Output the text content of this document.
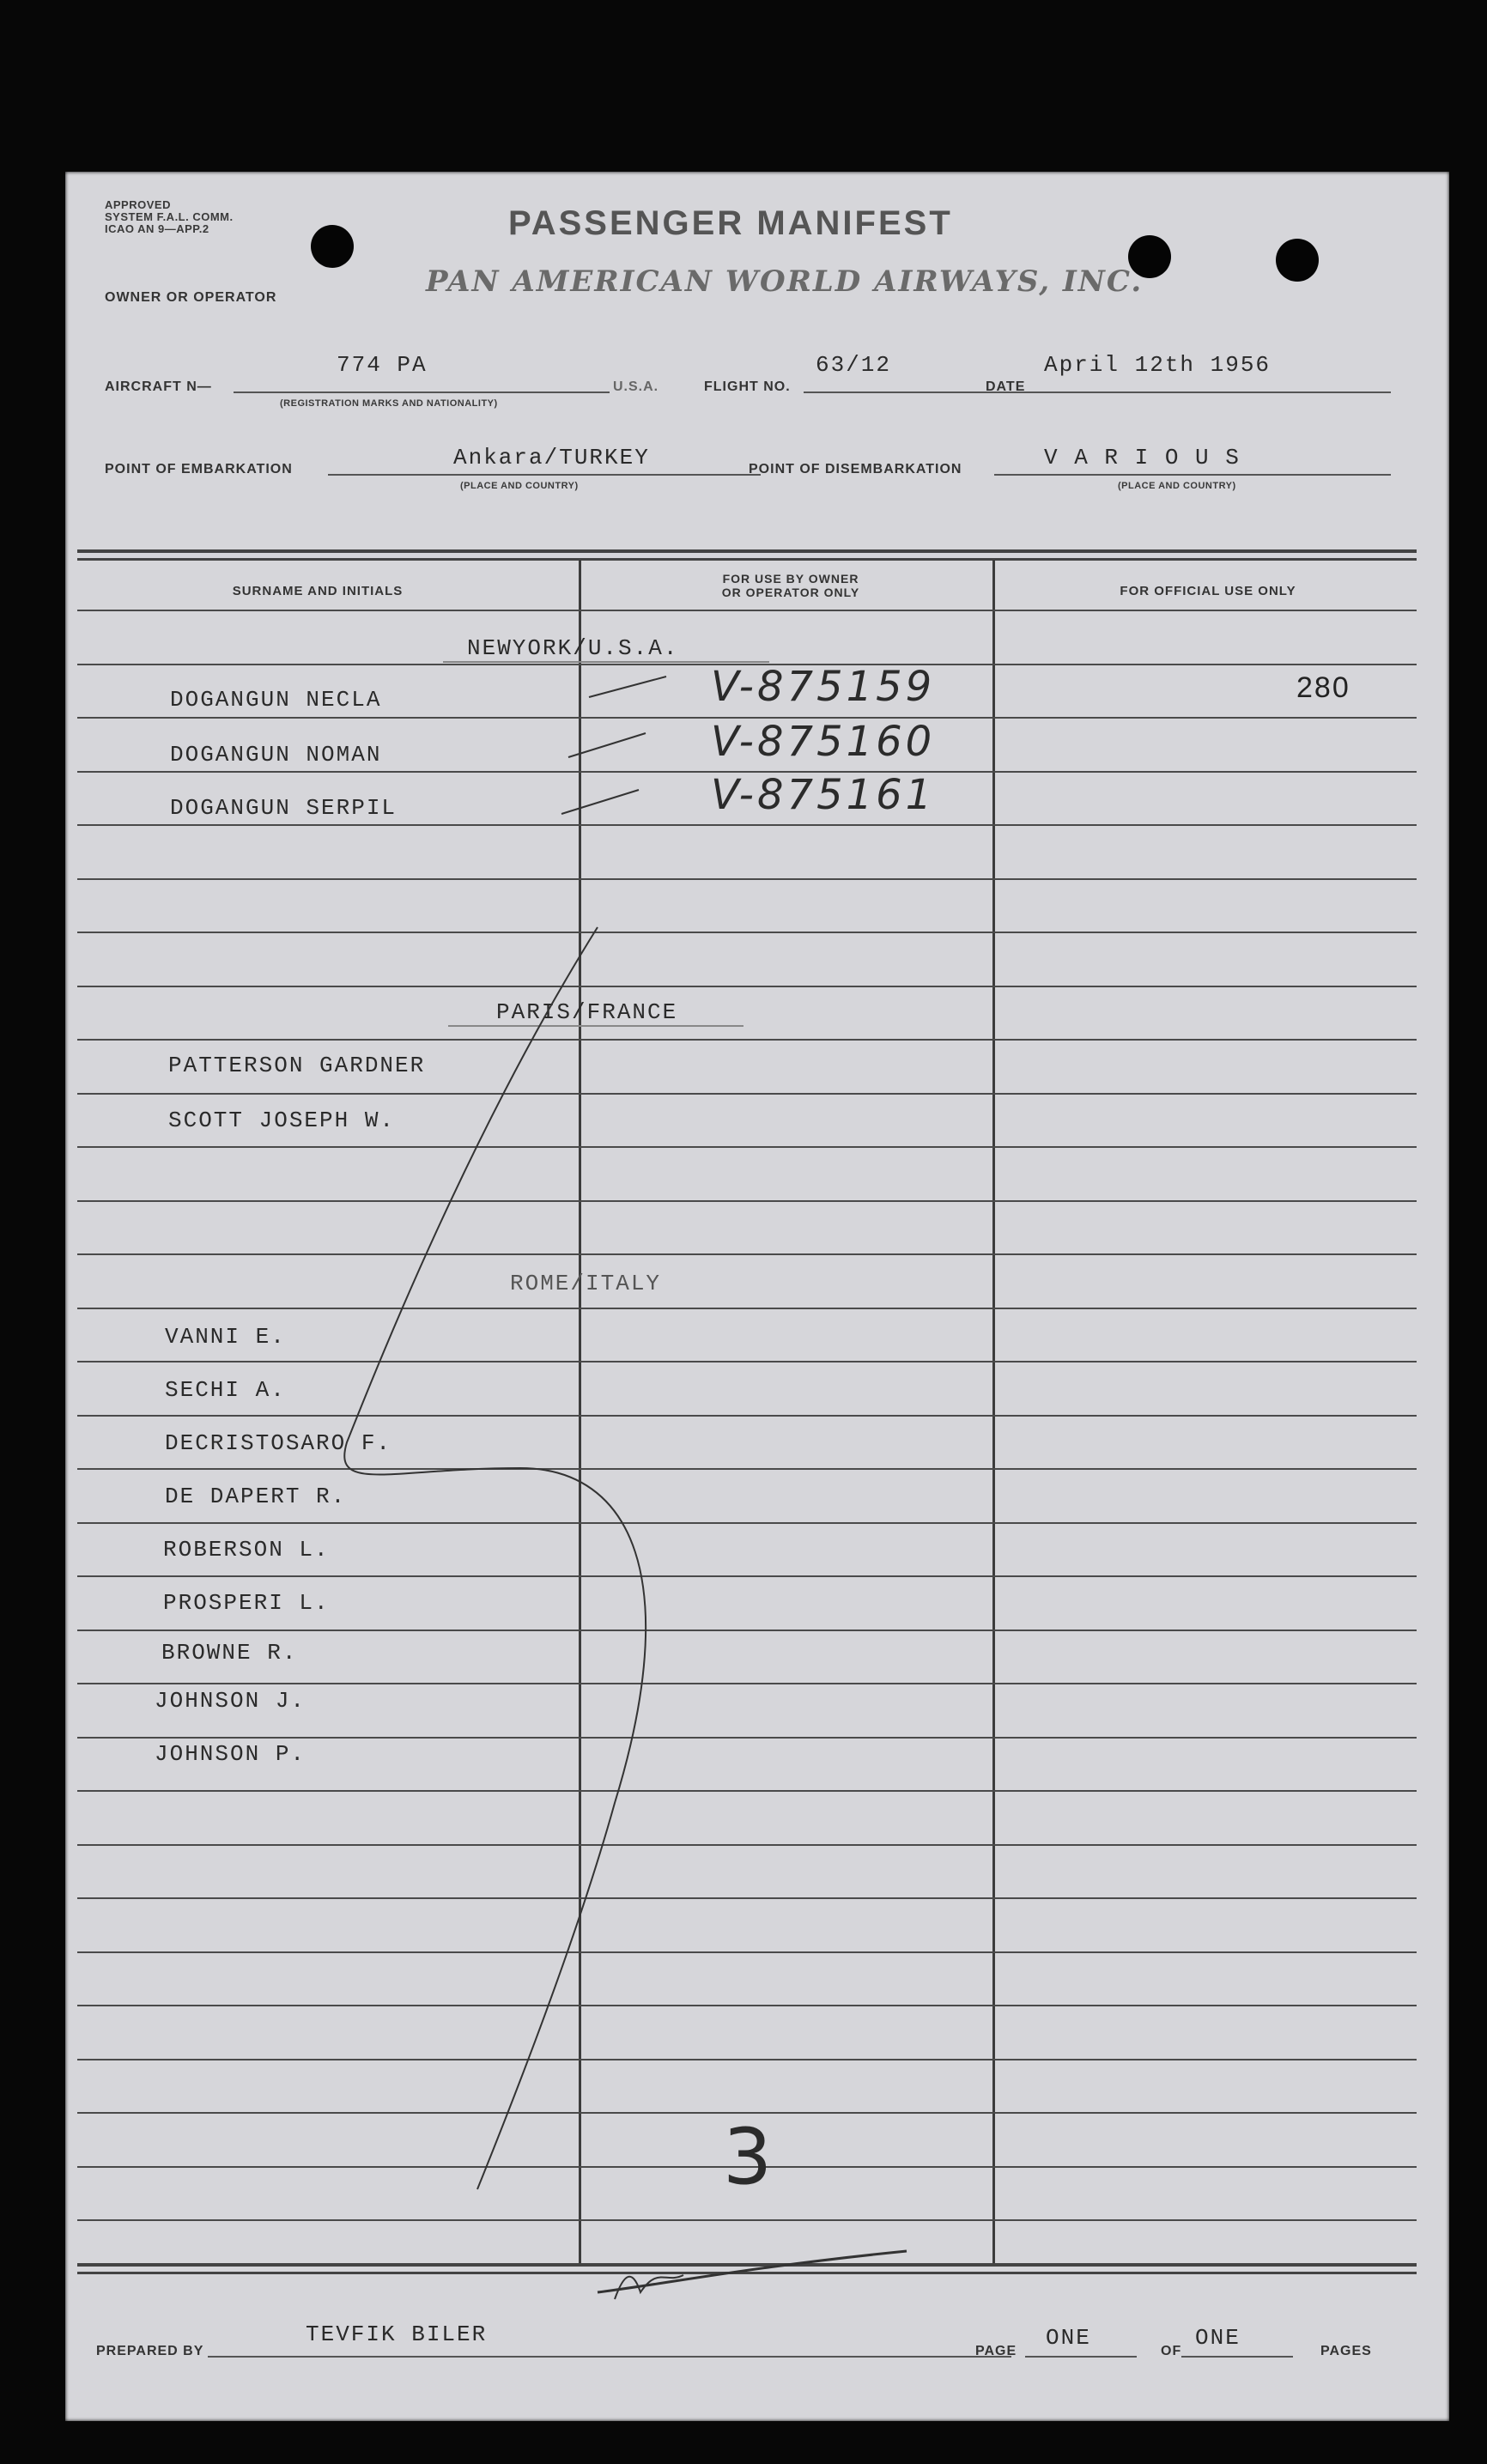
APPROVED
SYSTEM F.A.L. COMM.
ICAO AN 9—APP.2
OWNER OR OPERATOR
PASSENGER MANIFEST
PAN AMERICAN WORLD AIRWAYS, INC.
AIRCRAFT N—
774 PA
(REGISTRATION MARKS AND NATIONALITY)
U.S.A.	FLIGHT NO.
63/12
DATE
April 12th 1956
POINT OF EMBARKATION	Ankara/TURKEY
(PLACE AND COUNTRY)
POINT OF DISEMBARKATION	V A R I O U S
(PLACE AND COUNTRY)
SURNAME AND INITIALS
FOR USE BY OWNER
OR OPERATOR ONLY	FOR OFFICIAL USE ONLY
NEWYORK/U.S.A.
DOGANGUN NECLA	V-875159	280
DOGANGUN NOMAN	V-875160
DOGANGUN SERPIL	V-875161
PARIS/FRANCE
PATTERSON GARDNER
SCOTT JOSEPH W.
ROME/ITALY
VANNI E.
SECHI A.
DECRISTOSARO F.
DE DAPERT R.
ROBERSON L.
PROSPERI L.
BROWNE R.
JOHNSON J.
JOHNSON P.
3
PREPARED BY
TEVFIK BILER
PAGE
ONE
OF
ONE
PAGES
